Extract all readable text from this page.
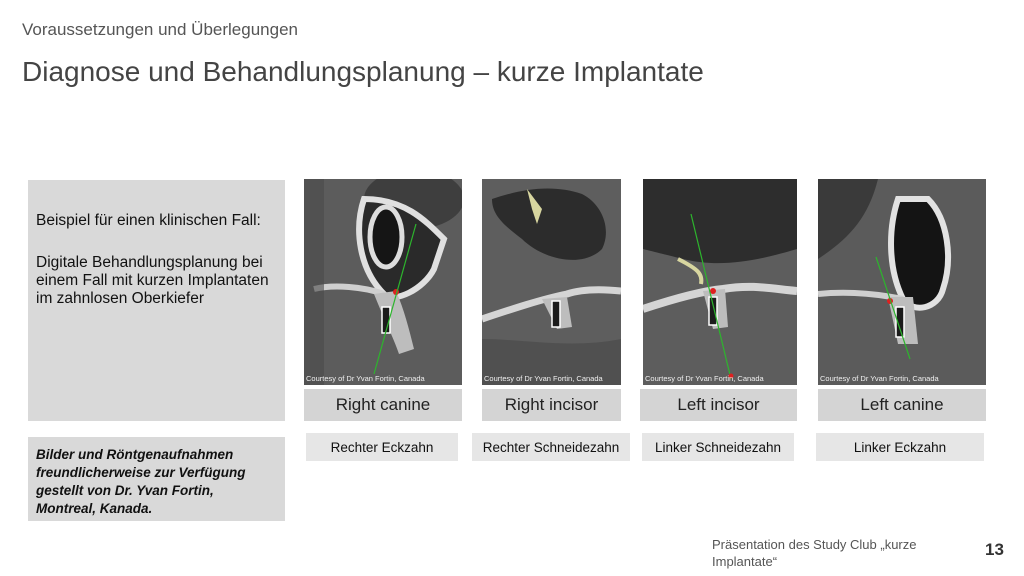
Voraussetzungen und Überlegungen
Diagnose und Behandlungsplanung – kurze Implantate

Beispiel für einen klinischen Fall:

Digitale Behandlungsplanung bei einem Fall mit kurzen Implantaten im zahnlosen Oberkiefer

Bilder und Röntgenaufnahmen freundlicherweise zur Verfügung gestellt von Dr. Yvan Fortin, Montreal, Kanada.
Courtesy of Dr Yvan Fortin, Canada	Courtesy of Dr Yvan Fortin, Canada	Courtesy of Dr Yvan Fortin, Canada	Courtesy of Dr Yvan Fortin, Canada
Right canine	Right incisor	Left incisor	Left canine
Rechter Eckzahn	Rechter Schneidezahn	Linker Schneidezahn	Linker Eckzahn
Präsentation des Study Club „kurze Implantate“
13
